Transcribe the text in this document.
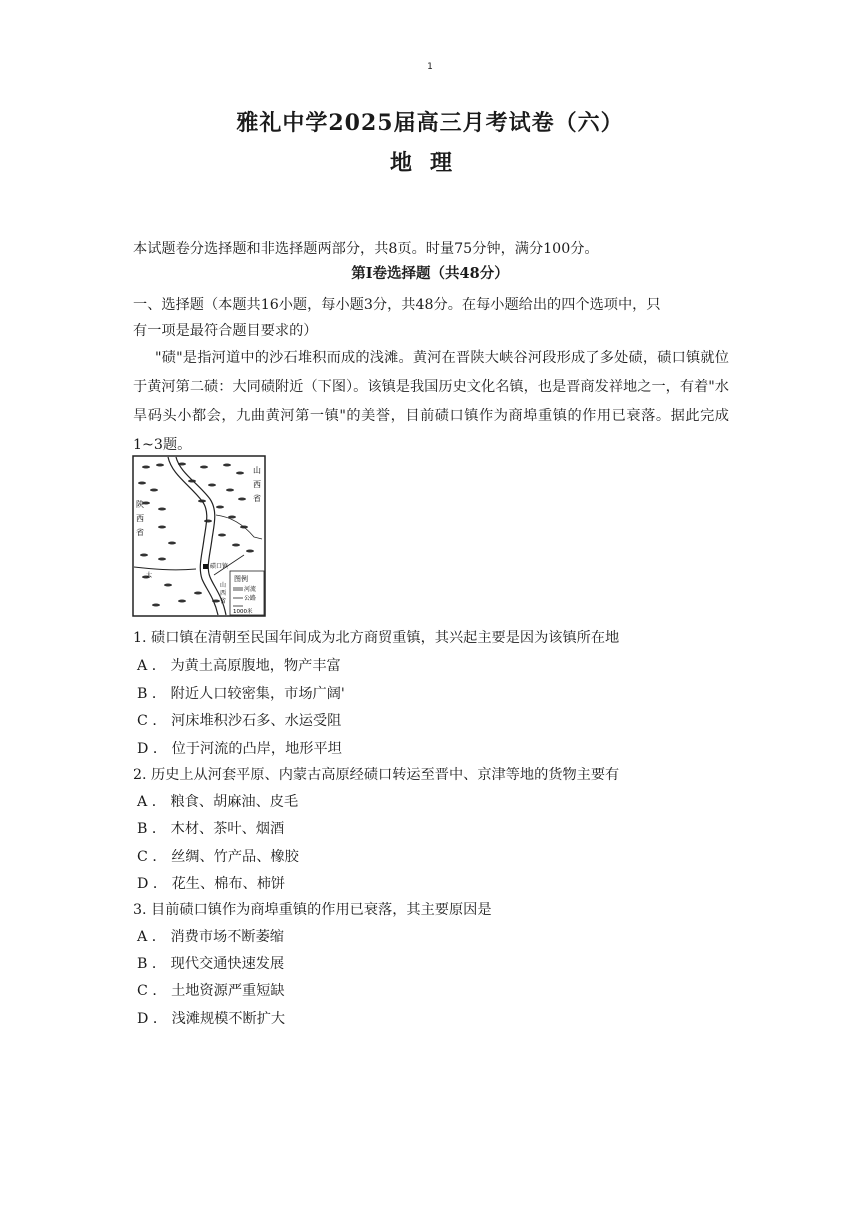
1
雅礼中学2025届高三月考试卷（六）
地理
本试题卷分选择题和非选择题两部分，共8页。时量75分钟，满分100分。
第Ⅰ卷选择题（共48分）
一、选择题（本题共16小题，每小题3分，共48分。在每小题给出的四个选项中，只
有一项是最符合题目要求的）
"碛"是指河道中的沙石堆积而成的浅滩。黄河在晋陕大峡谷河段形成了多处碛，碛口镇就位于黄河第二碛：大同碛附近（下图）。该镇是我国历史文化名镇，也是晋商发祥地之一，有着"水旱码头小都会，九曲黄河第一镇"的美誉，目前碛口镇作为商埠重镇的作用已衰落。据此完成1~3题。
图例
河流
公路
1000米
山
西
省
陕
西
省
碛口镇
大
山
西
省
1. 碛口镇在清朝至民国年间成为北方商贸重镇，其兴起主要是因为该镇所在地
A ． 为黄土高原腹地，物产丰富
B ． 附近人口较密集，市场广阔'
C ． 河床堆积沙石多、水运受阻
D ． 位于河流的凸岸，地形平坦
2. 历史上从河套平原、内蒙古高原经碛口转运至晋中、京津等地的货物主要有
A ． 粮食、胡麻油、皮毛
B ． 木材、茶叶、烟酒
C ． 丝绸、竹产品、橡胶
D ． 花生、棉布、柿饼
3. 目前碛口镇作为商埠重镇的作用已衰落，其主要原因是
A ． 消费市场不断萎缩
B ． 现代交通快速发展
C ． 土地资源严重短缺
D ． 浅滩规模不断扩大
